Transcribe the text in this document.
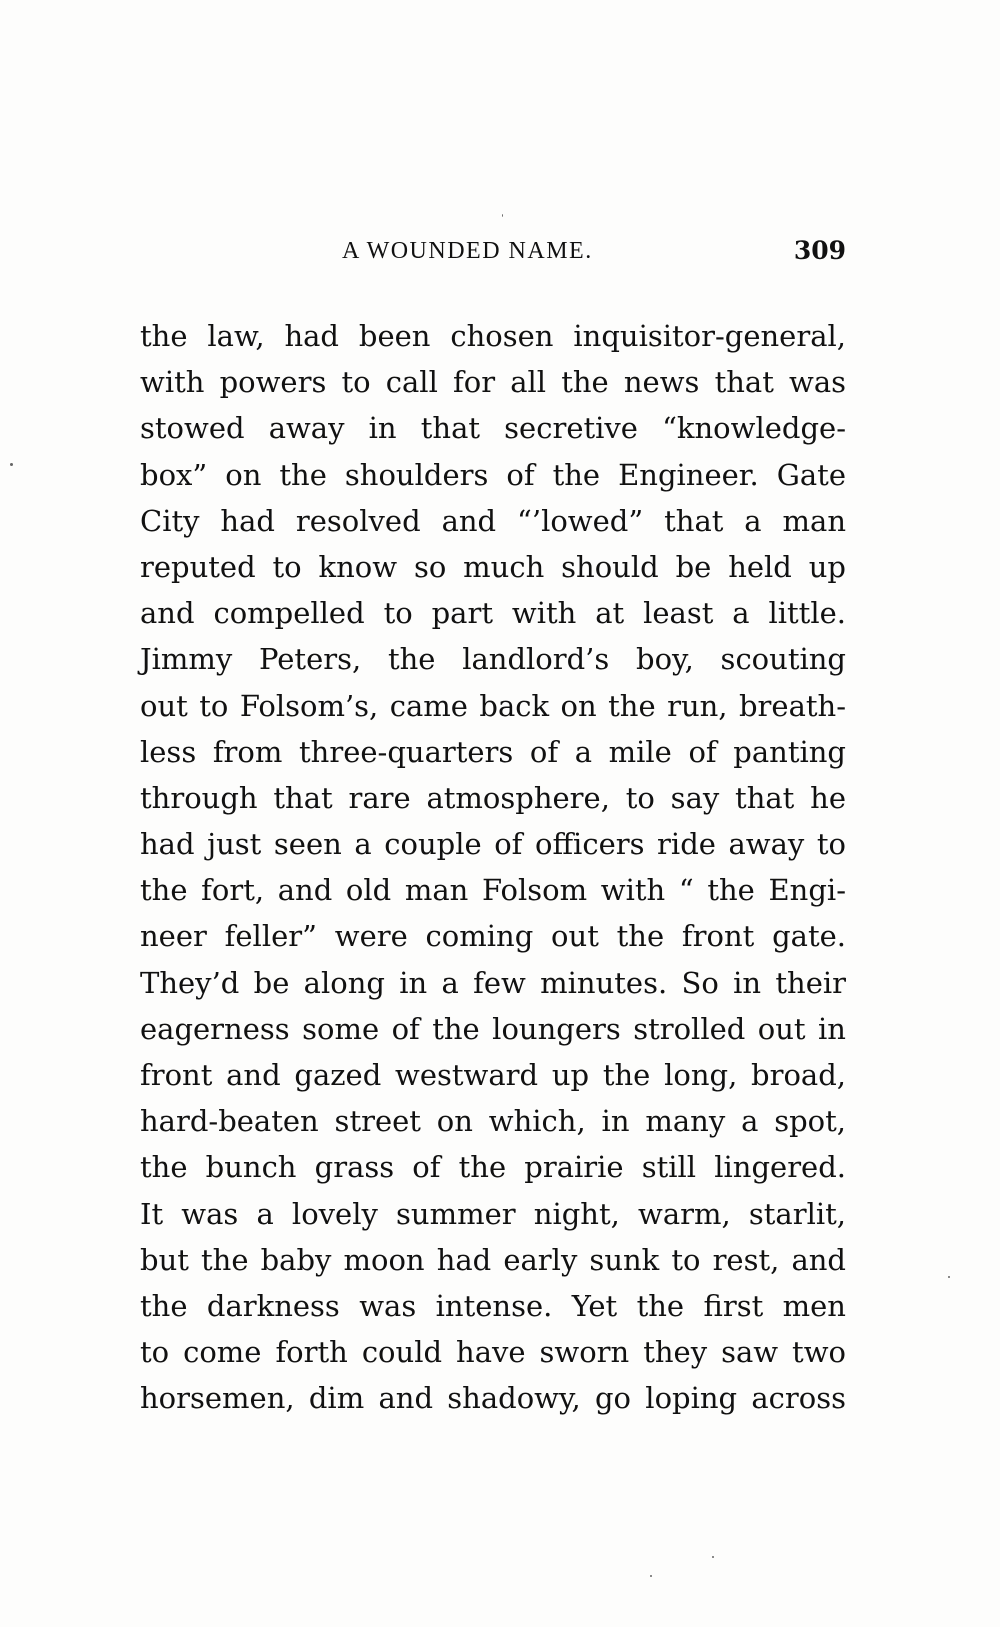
A WOUNDED NAME.	309
the law, had been chosen inquisitor-general,
with powers to call for all the news that was
stowed away in that secretive “knowledge-
box” on the shoulders of the Engineer. Gate
City had resolved and “’lowed” that a man
reputed to know so much should be held up
and compelled to part with at least a little.
Jimmy Peters, the landlord’s boy, scouting
out to Folsom’s, came back on the run, breath-
less from three-quarters of a mile of panting
through that rare atmosphere, to say that he
had just seen a couple of officers ride away to
the fort, and old man Folsom with “ the Engi-
neer feller” were coming out the front gate.
They’d be along in a few minutes. So in their
eagerness some of the loungers strolled out in
front and gazed westward up the long, broad,
hard-beaten street on which, in many a spot,
the bunch grass of the prairie still lingered.
It was a lovely summer night, warm, starlit,
but the baby moon had early sunk to rest, and
the darkness was intense. Yet the first men
to come forth could have sworn they saw two
horsemen, dim and shadowy, go loping across
